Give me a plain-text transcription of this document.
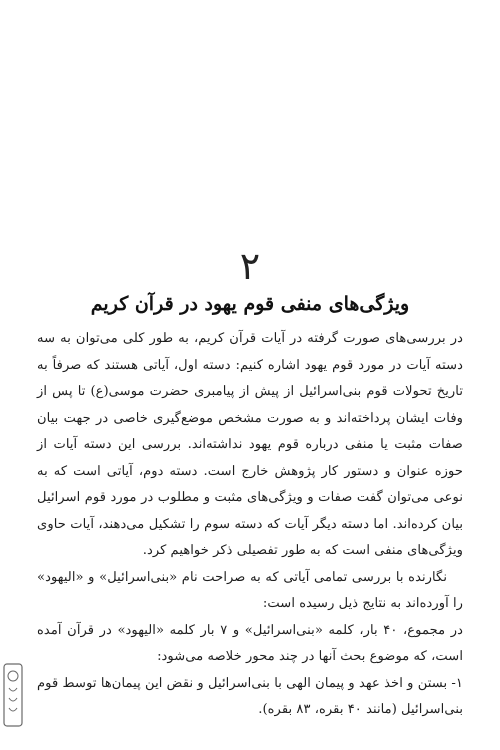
۲
ویژگی‌های منفی قوم یهود در قرآن کریم

در بررسی‌های صورت گرفته در آیات قرآن کریم، به طور کلی می‌توان به سه دسته آیات در مورد قوم یهود اشاره کنیم: دسته اول، آیاتی هستند که صرفاً به تاریخ تحولات قوم بنی‌اسرائیل از پیش از پیامبری حضرت موسی(ع) تا پس از وفات ایشان پرداخته‌اند و به صورت مشخص موضع‌گیری خاصی در جهت بیان صفات مثبت یا منفی درباره قوم یهود نداشته‌اند. بررسی این دسته آیات از حوزه عنوان و دستور کار پژوهش خارج است. دسته دوم، آیاتی است که به نوعی می‌توان گفت صفات و ویژگی‌های مثبت و مطلوب در مورد قوم اسرائیل بیان کرده‌اند. اما دسته دیگر آیات که دسته سوم را تشکیل می‌دهند، آیات حاوی ویژگی‌های منفی است که به طور تفصیلی ذکر خواهیم کرد.

نگارنده با بررسی تمامی آیاتی که به صراحت نام «بنی‌اسرائیل» و «الیهود» را آورده‌اند به نتایج ذیل رسیده است:

در مجموع، ۴۰ بار، کلمه «بنی‌اسرائیل» و ۷ بار کلمه «الیهود» در قرآن آمده است، که موضوع بحث آنها در چند محور خلاصه می‌شود:

۱- بستن و اخذ عهد و پیمان الهی با بنی‌اسرائیل و نقض این پیمان‌ها توسط قوم بنی‌اسرائیل (مانند ۴۰ بقره، ۸۳ بقره).
